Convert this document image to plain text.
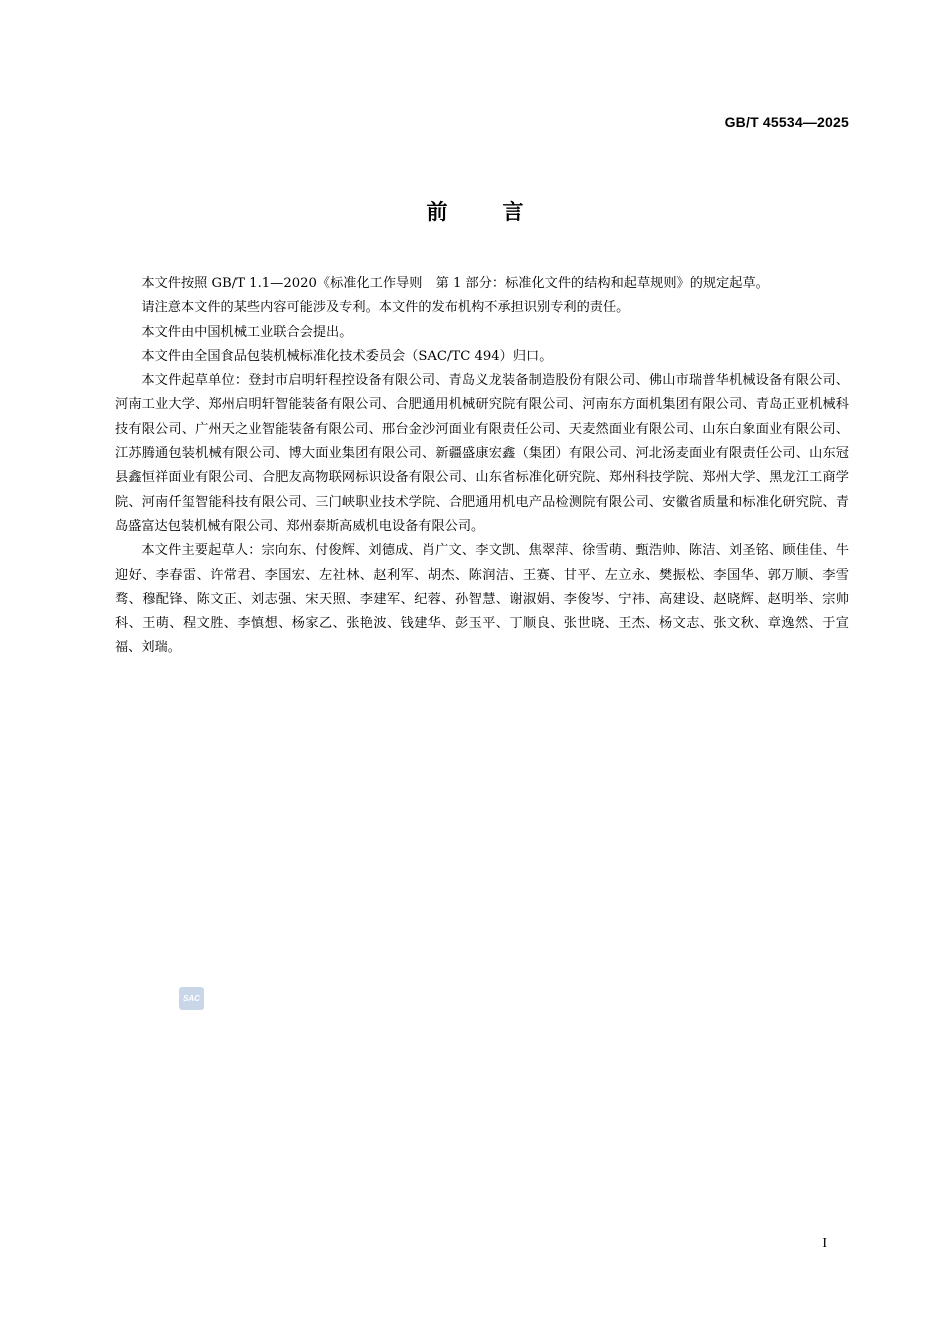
GB/T 45534—2025
前言

本文件按照 GB/T 1.1—2020《标准化工作导则　第 1 部分：标准化文件的结构和起草规则》的规定起草。

请注意本文件的某些内容可能涉及专利。本文件的发布机构不承担识别专利的责任。

本文件由中国机械工业联合会提出。

本文件由全国食品包装机械标准化技术委员会（SAC/TC 494）归口。

本文件起草单位：登封市启明轩程控设备有限公司、青岛义龙装备制造股份有限公司、佛山市瑞普华机械设备有限公司、河南工业大学、郑州启明轩智能装备有限公司、合肥通用机械研究院有限公司、河南东方面机集团有限公司、青岛正亚机械科技有限公司、广州天之业智能装备有限公司、邢台金沙河面业有限责任公司、天麦然面业有限公司、山东白象面业有限公司、江苏腾通包装机械有限公司、博大面业集团有限公司、新疆盛康宏鑫（集团）有限公司、河北汤麦面业有限责任公司、山东冠县鑫恒祥面业有限公司、合肥友高物联网标识设备有限公司、山东省标准化研究院、郑州科技学院、郑州大学、黑龙江工商学院、河南仟玺智能科技有限公司、三门峡职业技术学院、合肥通用机电产品检测院有限公司、安徽省质量和标准化研究院、青岛盛富达包装机械有限公司、郑州泰斯高威机电设备有限公司。

本文件主要起草人：宗向东、付俊辉、刘德成、肖广文、李文凯、焦翠萍、徐雪萌、甄浩帅、陈洁、刘圣铭、顾佳佳、牛迎好、李春雷、许常君、李国宏、左社林、赵利军、胡杰、陈润洁、王赛、甘平、左立永、樊振松、李国华、郭万顺、李雪骛、穆配锋、陈文正、刘志强、宋天照、李建军、纪蓉、孙智慧、谢淑娟、李俊岑、宁祎、高建设、赵晓辉、赵明举、宗帅科、王萌、程文胜、李慎想、杨家乙、张艳波、钱建华、彭玉平、丁顺良、张世晓、王杰、杨文志、张文秋、章逸然、于宣福、刘瑞。

SAC
I
